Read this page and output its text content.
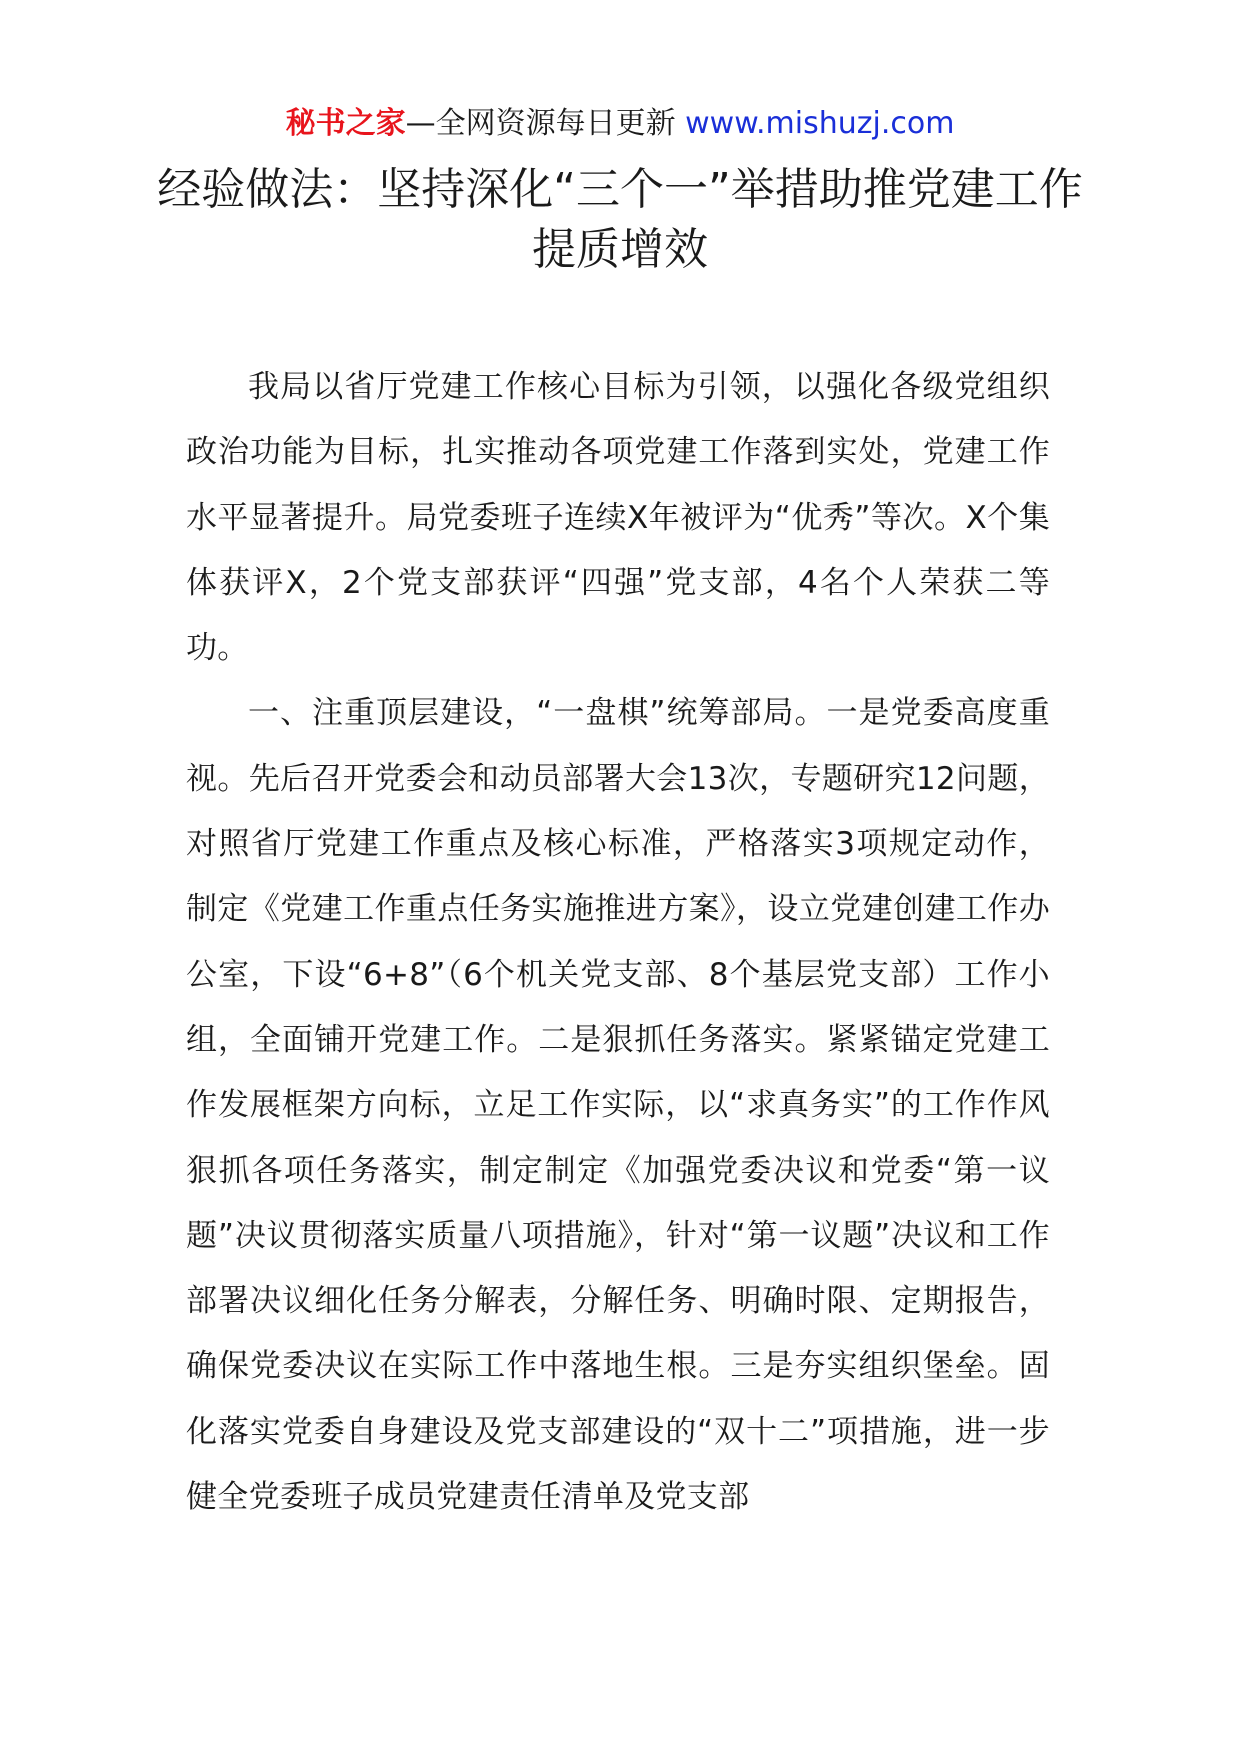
秘书之家—全网资源每日更新 www.mishuzj.com
经验做法：坚持深化“三个一”举措助推党建工作提质增效

我局以省厅党建工作核心目标为引领，以强化各级党组织政治功能为目标，扎实推动各项党建工作落到实处，党建工作水平显著提升。局党委班子连续X年被评为“优秀”等次。X个集体获评X，2个党支部获评“四强”党支部，4名个人荣获二等功。

一、注重顶层建设，“一盘棋”统筹部局。一是党委高度重视。先后召开党委会和动员部署大会13次，专题研究12问题，对照省厅党建工作重点及核心标准，严格落实3项规定动作，制定《党建工作重点任务实施推进方案》，设立党建创建工作办公室，下设“6+8”（6个机关党支部、8个基层党支部）工作小组，全面铺开党建工作。二是狠抓任务落实。紧紧锚定党建工作发展框架方向标，立足工作实际，以“求真务实”的工作作风狠抓各项任务落实，制定制定《加强党委决议和党委“第一议题”决议贯彻落实质量八项措施》，针对“第一议题”决议和工作部署决议细化任务分解表，分解任务、明确时限、定期报告，确保党委决议在实际工作中落地生根。三是夯实组织堡垒。固化落实党委自身建设及党支部建设的“双十二”项措施，进一步健全党委班子成员党建责任清单及党支部
